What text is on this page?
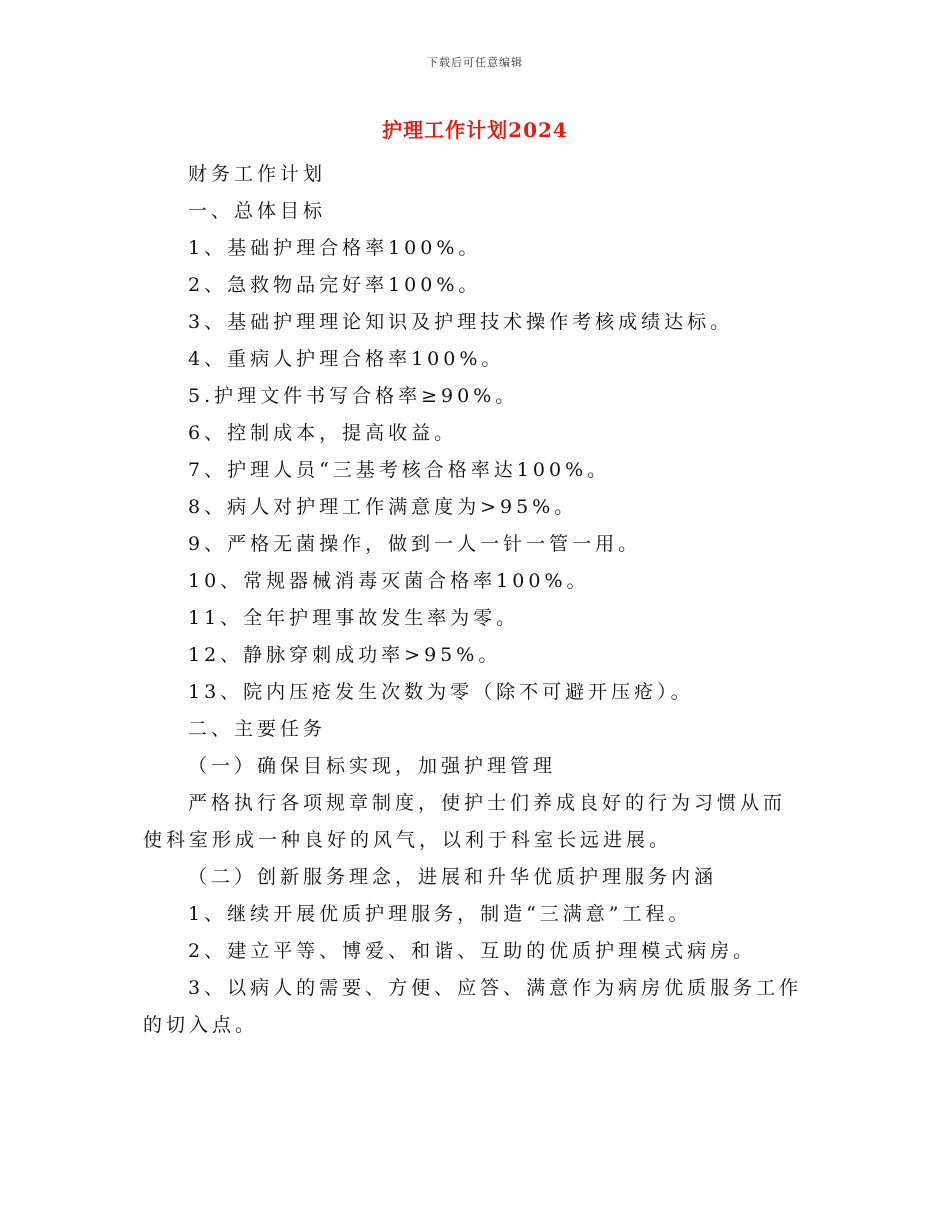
下载后可任意编辑
护理工作计划2024

财务工作计划

一、总体目标

1、基础护理合格率100%。

2、急救物品完好率100%。

3、基础护理理论知识及护理技术操作考核成绩达标。

4、重病人护理合格率100%。

5.护理文件书写合格率≥90%。

6、控制成本，提高收益。

7、护理人员“三基考核合格率达100%。

8、病人对护理工作满意度为>95%。

9、严格无菌操作，做到一人一针一管一用。

10、常规器械消毒灭菌合格率100%。

11、全年护理事故发生率为零。

12、静脉穿刺成功率>95%。

13、院内压疮发生次数为零（除不可避开压疮）。

二、主要任务

（一）确保目标实现，加强护理管理

严格执行各项规章制度，使护士们养成良好的行为习惯从而使科室形成一种良好的风气，以利于科室长远进展。

（二）创新服务理念，进展和升华优质护理服务内涵

1、继续开展优质护理服务，制造“三满意”工程。

2、建立平等、博爱、和谐、互助的优质护理模式病房。

3、以病人的需要、方便、应答、满意作为病房优质服务工作的切入点。
